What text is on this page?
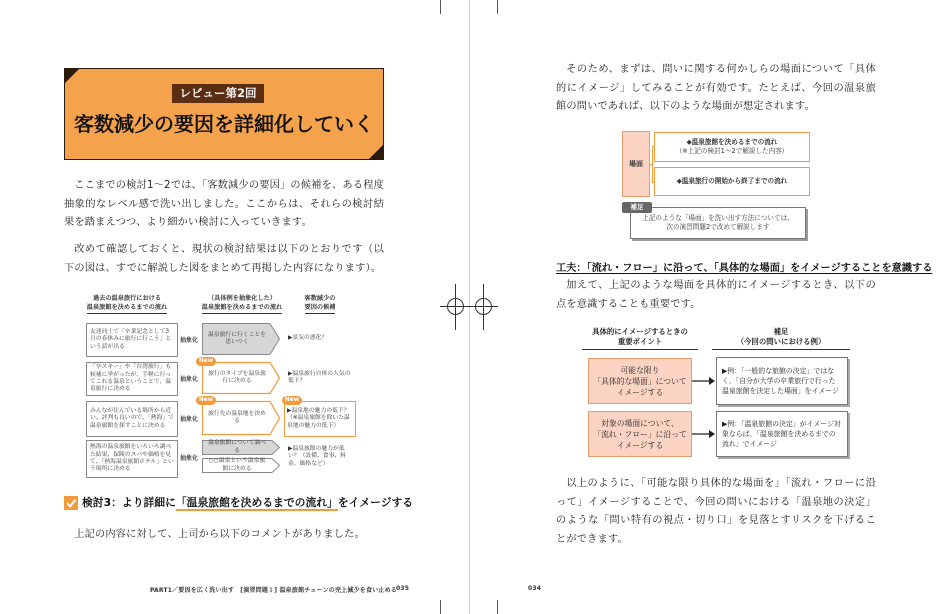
レビュー第2回
客数減少の要因を詳細化していく
ここまでの検討1～2では、「客数減少の要因」の候補を、ある程度抽象的なレベル感で洗い出しました。ここからは、それらの検討結果を踏まえつつ、より細かい検討に入っていきます。
改めて確認しておくと、現状の検討結果は以下のとおりです（以下の図は、すでに解説した図をまとめて再掲した内容になります）。
過去の温泉旅行における
温泉旅館を決めるまでの流れ
（具体例を抽象化した）
温泉旅館を決めるまでの流れ
客数減少の
要因の候補
友達同士で「卒業記念として3月の春休みに旅行に行こう」という話が出る
抽象化
温泉旅行に行くことを思いつく
▶景気の悪化？
「卒スキー」や「台湾旅行」も候補に挙がったが、手軽に行ってこれる温泉ということで、温泉旅行に決める
抽象化
New
旅行のタイプを温泉旅行に決める
▶温泉旅行自体の人気の低下？
みんなが住んでいる場所から近い、評判も良いので、「熱海」で温泉旅館を探すことに決める
抽象化
New
旅行先の温泉地を決める
New
▶温泉地の魅力の低下？（※温泉旅館を除いた温泉地の魅力の低下）
熱海の温泉旅館をいろいろ調べた結果、保険のスパや価格を見て、「熱海温泉旅館ホテル」という場所に決める
抽象化
温泉旅館について調べる
○○温泉という温泉旅館に決める
▶温泉旅館の魅力が低い？（設備、食事、料金、価格など）
検討3：より詳細に「温泉旅館を決めるまでの流れ」をイメージする
上記の内容に対して、上司から以下のコメントがありました。
PART1／要因を広く洗い出す　[演習問題１] 温泉旅館チェーンの売上減少を食い止める 035
そのため、まずは、問いに関する何かしらの場面について「具体的にイメージ」してみることが有効です。たとえば、今回の温泉旅館の問いであれば、以下のような場面が想定されます。
場面
◆温泉旅館を決めるまでの流れ
（※上記の検討1～2で解説した内容）
◆温泉旅行の開始から終了までの流れ
補足
上記のような「場面」を洗い出す方法については、
次の演習問題2で改めて解説します
工夫：「流れ・フロー」に沿って、「具体的な場面」をイメージすることを意識する
加えて、上記のような場面を具体的にイメージするとき、以下の点を意識することも重要です。
具体的にイメージするときの
重要ポイント
補足
（今回の問いにおける例）
可能な限り
「具体的な場面」について
イメージする
▶例：「一般的な旅館の決定」ではなく、「自分が大学の卒業旅行で行った温泉旅館を決定した場面」をイメージ
対象の場面について、
「流れ・フロー」に沿って
イメージする
▶例：「温泉旅館の決定」がイメージ対象ならば、「温泉旅館を決めるまでの流れ」でイメージ
以上のように、「可能な限り具体的な場面を」「流れ・フローに沿って」イメージすることで、今回の問いにおける「温泉地の決定」のような「問い特有の視点・切り口」を見落とすリスクを下げることができます。
034
